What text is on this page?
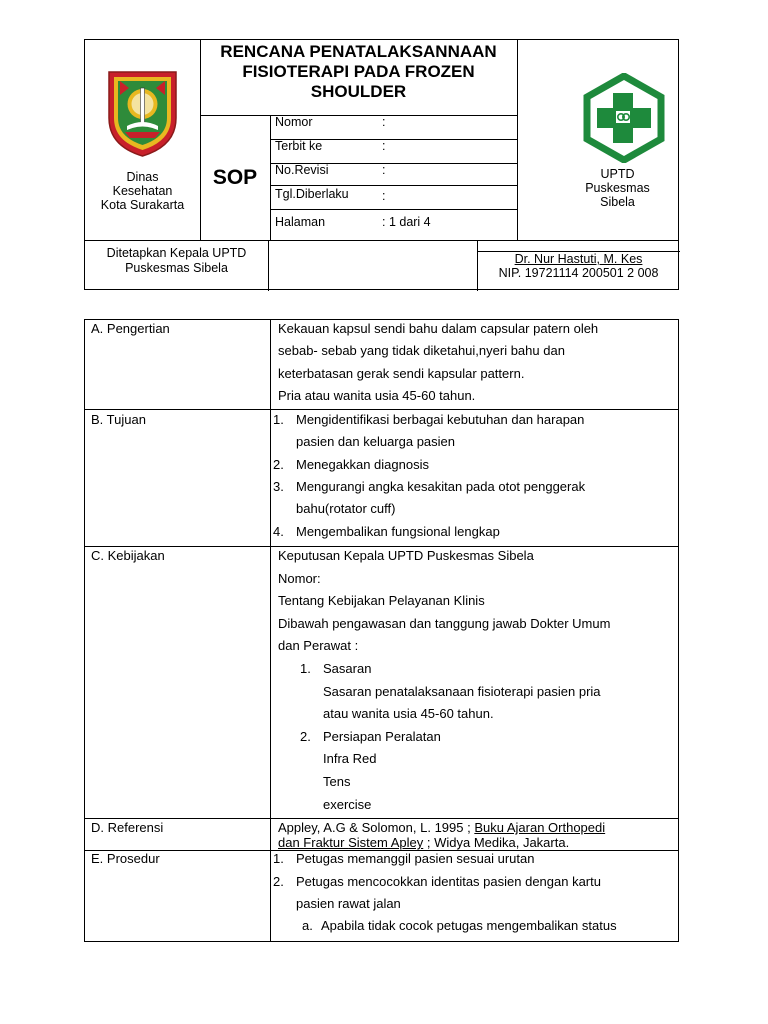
Dinas
Kesehatan
Kota Surakarta
RENCANA PENATALAKSANNAAN
FISIOTERAPI PADA FROZEN
SHOULDER
SOP
Nomor	:
Terbit ke	:
No.Revisi	:
Tgl.Diberlaku	:
Halaman	: 1 dari 4
UPTD
Puskesmas
Sibela
Ditetapkan Kepala UPTD
Puskesmas Sibela
Dr. Nur Hastuti, M. Kes
NIP. 19721114 200501 2 008
A. Pengertian	Kekauan kapsul sendi bahu dalam capsular patern oleh
sebab- sebab yang tidak diketahui,nyeri bahu dan
keterbatasan gerak sendi kapsular pattern.
Pria atau wanita usia 45-60 tahun.
B. Tujuan	1. Mengidentifikasi berbagai kebutuhan dan harapan
pasien dan keluarga pasien
2. Menegakkan diagnosis
3. Mengurangi angka kesakitan pada otot penggerak
bahu(rotator cuff)
4. Mengembalikan fungsional lengkap
C. Kebijakan	Keputusan Kepala UPTD Puskesmas Sibela
Nomor:
Tentang Kebijakan Pelayanan Klinis
Dibawah pengawasan dan tanggung jawab Dokter Umum
dan Perawat :
1. Sasaran
Sasaran penatalaksanaan fisioterapi pasien pria
atau wanita usia 45-60 tahun.
2. Persiapan Peralatan
Infra Red
Tens
exercise
D. Referensi	Appley, A.G & Solomon, L. 1995 ; Buku Ajaran Orthopedi
dan Fraktur Sistem Apley ; Widya Medika, Jakarta.
E. Prosedur	1. Petugas memanggil pasien sesuai urutan
2. Petugas mencocokkan identitas pasien dengan kartu
pasien rawat jalan
a. Apabila tidak cocok petugas mengembalikan status
